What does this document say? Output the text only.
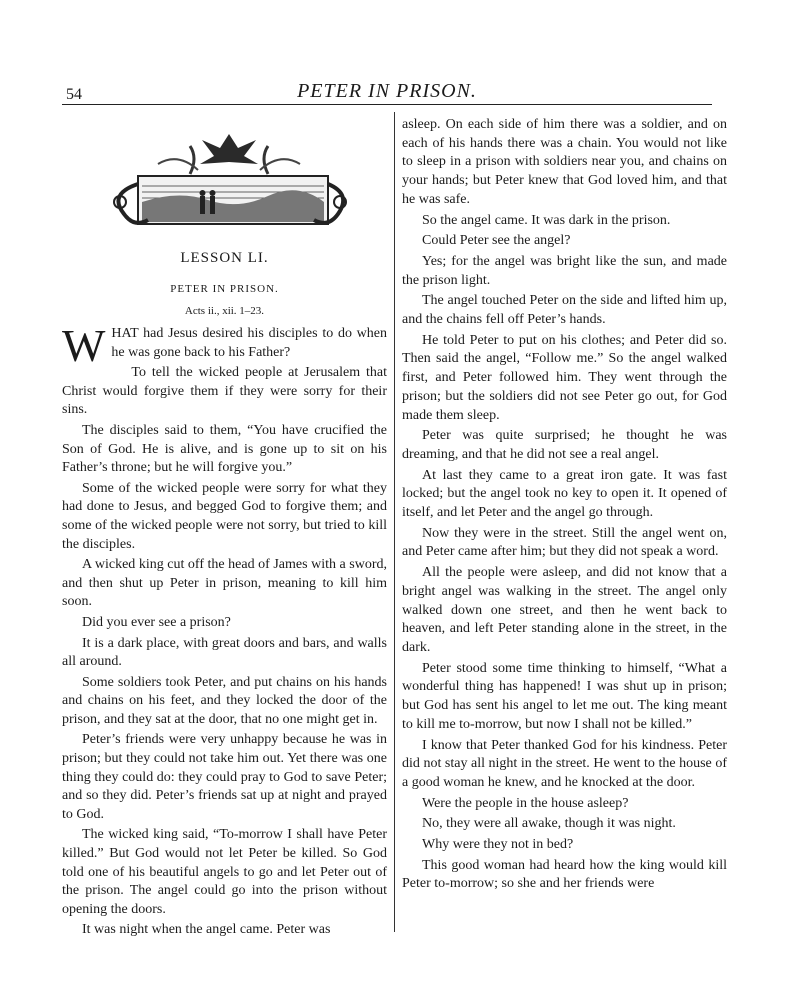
54	PETER IN PRISON.
LESSON LI.
PETER IN PRISON.
Acts ii., xii. 1–23.

WHAT had Jesus desired his disciples to do when he was gone back to his Father?

To tell the wicked people at Jerusalem that Christ would forgive them if they were sorry for their sins.

The disciples said to them, “You have crucified the Son of God. He is alive, and is gone up to sit on his Father’s throne; but he will forgive you.”

Some of the wicked people were sorry for what they had done to Jesus, and begged God to forgive them; and some of the wicked people were not sorry, but tried to kill the disciples.

A wicked king cut off the head of James with a sword, and then shut up Peter in prison, meaning to kill him soon.

Did you ever see a prison?

It is a dark place, with great doors and bars, and walls all around.

Some soldiers took Peter, and put chains on his hands and chains on his feet, and they locked the door of the prison, and they sat at the door, that no one might get in.

Peter’s friends were very unhappy because he was in prison; but they could not take him out. Yet there was one thing they could do: they could pray to God to save Peter; and so they did. Peter’s friends sat up at night and prayed to God.

The wicked king said, “To-morrow I shall have Peter killed.” But God would not let Peter be killed. So God told one of his beautiful angels to go and let Peter out of the prison. The angel could go into the prison without opening the doors.

It was night when the angel came. Peter was

asleep. On each side of him there was a soldier, and on each of his hands there was a chain. You would not like to sleep in a prison with soldiers near you, and chains on your hands; but Peter knew that God loved him, and that he was safe.

So the angel came. It was dark in the prison.

Could Peter see the angel?

Yes; for the angel was bright like the sun, and made the prison light.

The angel touched Peter on the side and lifted him up, and the chains fell off Peter’s hands.

He told Peter to put on his clothes; and Peter did so. Then said the angel, “Follow me.” So the angel walked first, and Peter followed him. They went through the prison; but the soldiers did not see Peter go out, for God made them sleep.

Peter was quite surprised; he thought he was dreaming, and that he did not see a real angel.

At last they came to a great iron gate. It was fast locked; but the angel took no key to open it. It opened of itself, and let Peter and the angel go through.

Now they were in the street. Still the angel went on, and Peter came after him; but they did not speak a word.

All the people were asleep, and did not know that a bright angel was walking in the street. The angel only walked down one street, and then he went back to heaven, and left Peter standing alone in the street, in the dark.

Peter stood some time thinking to himself, “What a wonderful thing has happened! I was shut up in prison; but God has sent his angel to let me out. The king meant to kill me to-morrow, but now I shall not be killed.”

I know that Peter thanked God for his kindness. Peter did not stay all night in the street. He went to the house of a good woman he knew, and he knocked at the door.

Were the people in the house asleep?

No, they were all awake, though it was night.

Why were they not in bed?

This good woman had heard how the king would kill Peter to-morrow; so she and her friends were
